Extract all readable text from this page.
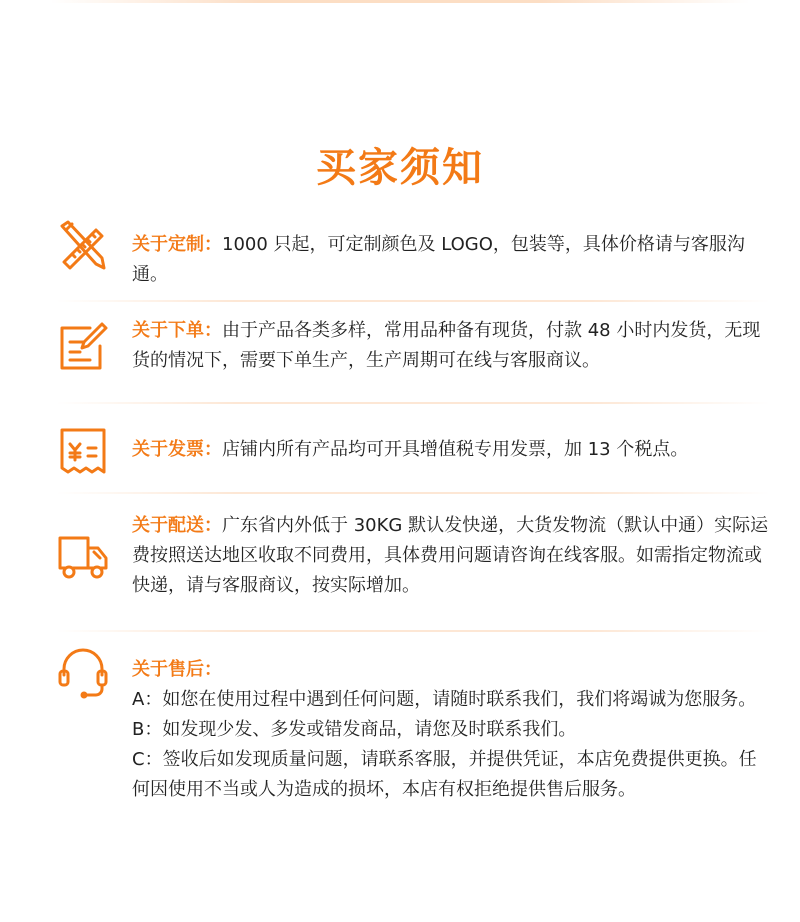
买家须知
关于定制：1000 只起，可定制颜色及 LOGO，包装等，具体价格请与客服沟通。
关于下单：由于产品各类多样，常用品种备有现货，付款 48 小时内发货，无现货的情况下，需要下单生产，生产周期可在线与客服商议。
关于发票：店铺内所有产品均可开具增值税专用发票，加 13 个税点。
关于配送：广东省内外低于 30KG 默认发快递，大货发物流（默认中通）实际运费按照送达地区收取不同费用，具体费用问题请咨询在线客服。如需指定物流或快递，请与客服商议，按实际增加。
关于售后：
A：如您在使用过程中遇到任何问题，请随时联系我们，我们将竭诚为您服务。
B：如发现少发、多发或错发商品，请您及时联系我们。
C：签收后如发现质量问题，请联系客服，并提供凭证，本店免费提供更换。任何因使用不当或人为造成的损坏，本店有权拒绝提供售后服务。
